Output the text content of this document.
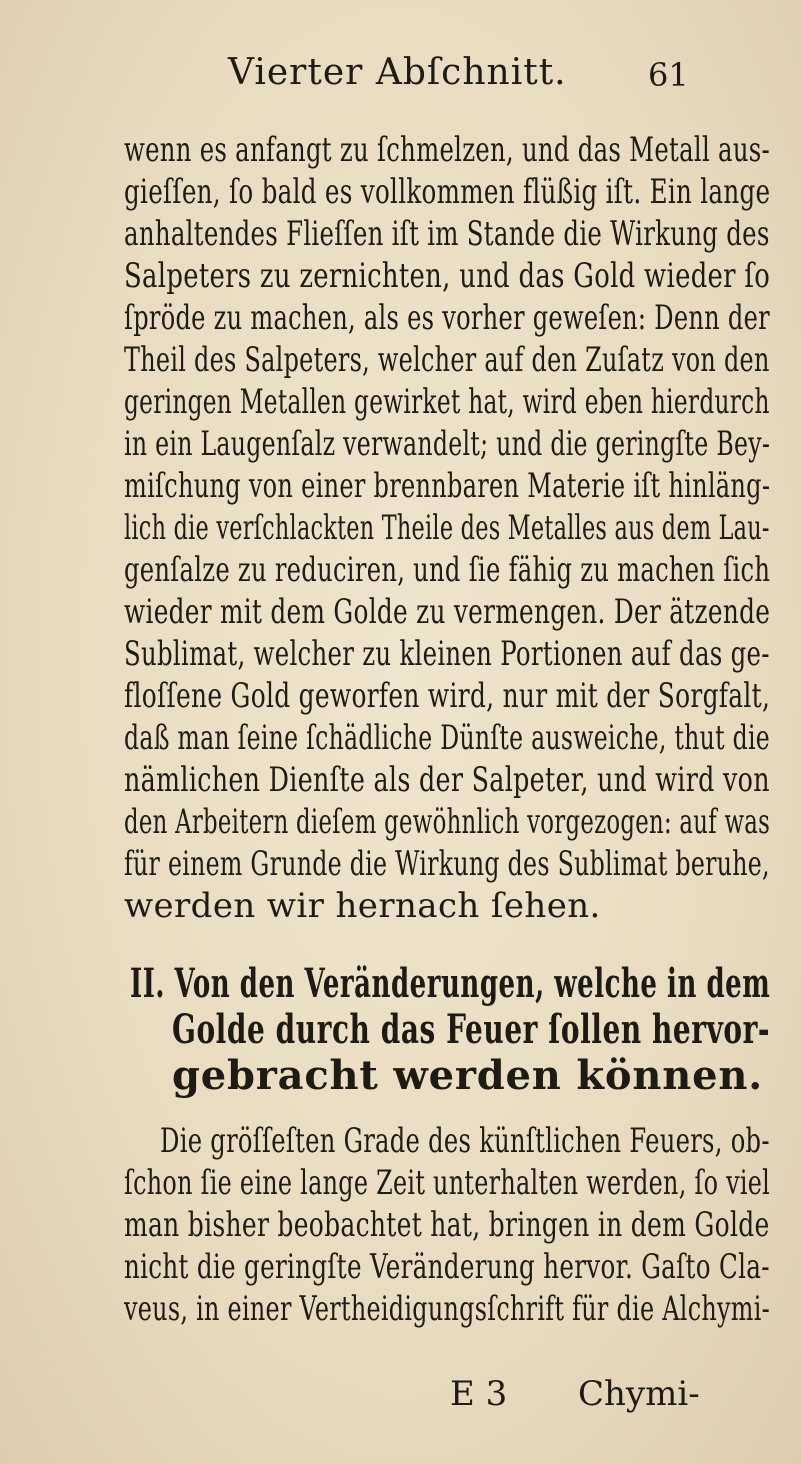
Vierter Abſchnitt.	61
wenn es anfangt zu ſchmelzen, und das Metall aus-
gieſſen, ſo bald es vollkommen flüßig iſt. Ein lange
anhaltendes Flieſſen iſt im Stande die Wirkung des
Salpeters zu zernichten, und das Gold wieder ſo
ſpröde zu machen, als es vorher geweſen: Denn der
Theil des Salpeters, welcher auf den Zuſatz von den
geringen Metallen gewirket hat, wird eben hierdurch
in ein Laugenſalz verwandelt; und die geringſte Bey-
miſchung von einer brennbaren Materie iſt hinläng-
lich die verſchlackten Theile des Metalles aus dem Lau-
genſalze zu reduciren, und ſie fähig zu machen ſich
wieder mit dem Golde zu vermengen. Der ätzende
Sublimat, welcher zu kleinen Portionen auf das ge-
floſſene Gold geworfen wird, nur mit der Sorgfalt,
daß man ſeine ſchädliche Dünſte ausweiche, thut die
nämlichen Dienſte als der Salpeter, und wird von
den Arbeitern dieſem gewöhnlich vorgezogen: auf was
für einem Grunde die Wirkung des Sublimat beruhe,
werden wir hernach ſehen.
II. Von den Veränderungen, welche in dem
Golde durch das Feuer ſollen hervor-
gebracht werden können.
Die gröſſeſten Grade des künſtlichen Feuers, ob-
ſchon ſie eine lange Zeit unterhalten werden, ſo viel
man bisher beobachtet hat, bringen in dem Golde
nicht die geringſte Veränderung hervor. Gaſto Cla-
veus, in einer Vertheidigungsſchrift für die Alchymi-
E 3 Chymi-
